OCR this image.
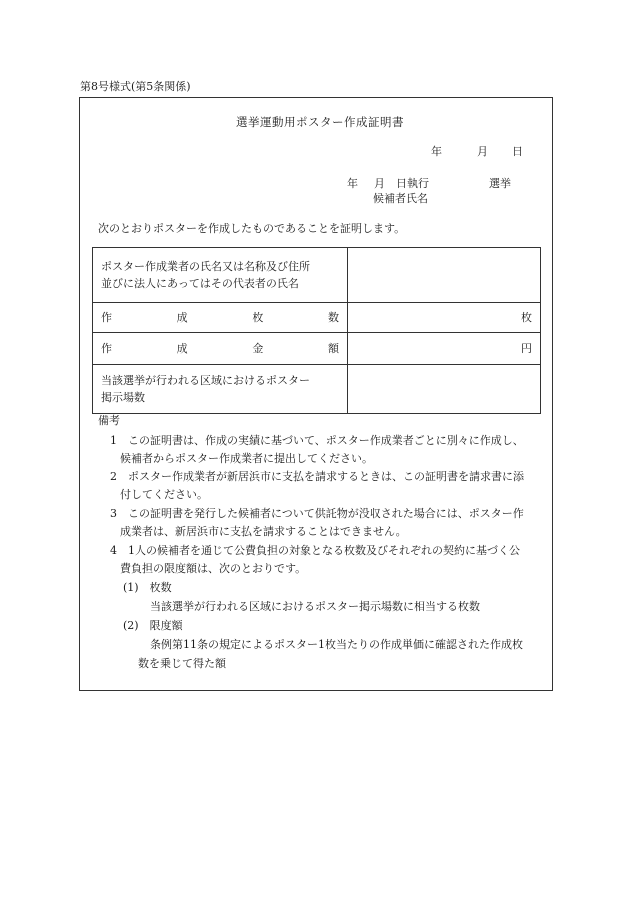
第8号様式(第5条関係)
選挙運動用ポスター作成証明書
年	月 日
年 月 日執行	選挙
候補者氏名
次のとおりポスターを作成したものであることを証明します。
ポスター作成業者の氏名又は名称及び住所
並びに法人にあってはその代表者の氏名	

作 成 枚 数	枚

作 成 金 額	円

当該選挙が行われる区域におけるポスター
掲示場数	

備考
1　この証明書は、作成の実績に基づいて、ポスター作成業者ごとに別々に作成し、
候補者からポスター作成業者に提出してください。
2　ポスター作成業者が新居浜市に支払を請求するときは、この証明書を請求書に添
付してください。
3　この証明書を発行した候補者について供託物が没収された場合には、ポスター作
成業者は、新居浜市に支払を請求することはできません。
4　1人の候補者を通じて公費負担の対象となる枚数及びそれぞれの契約に基づく公
費負担の限度額は、次のとおりです。
(1)　枚数
当該選挙が行われる区域におけるポスター掲示場数に相当する枚数
(2)　限度額
条例第11条の規定によるポスター1枚当たりの作成単価に確認された作成枚
数を乗じて得た額
